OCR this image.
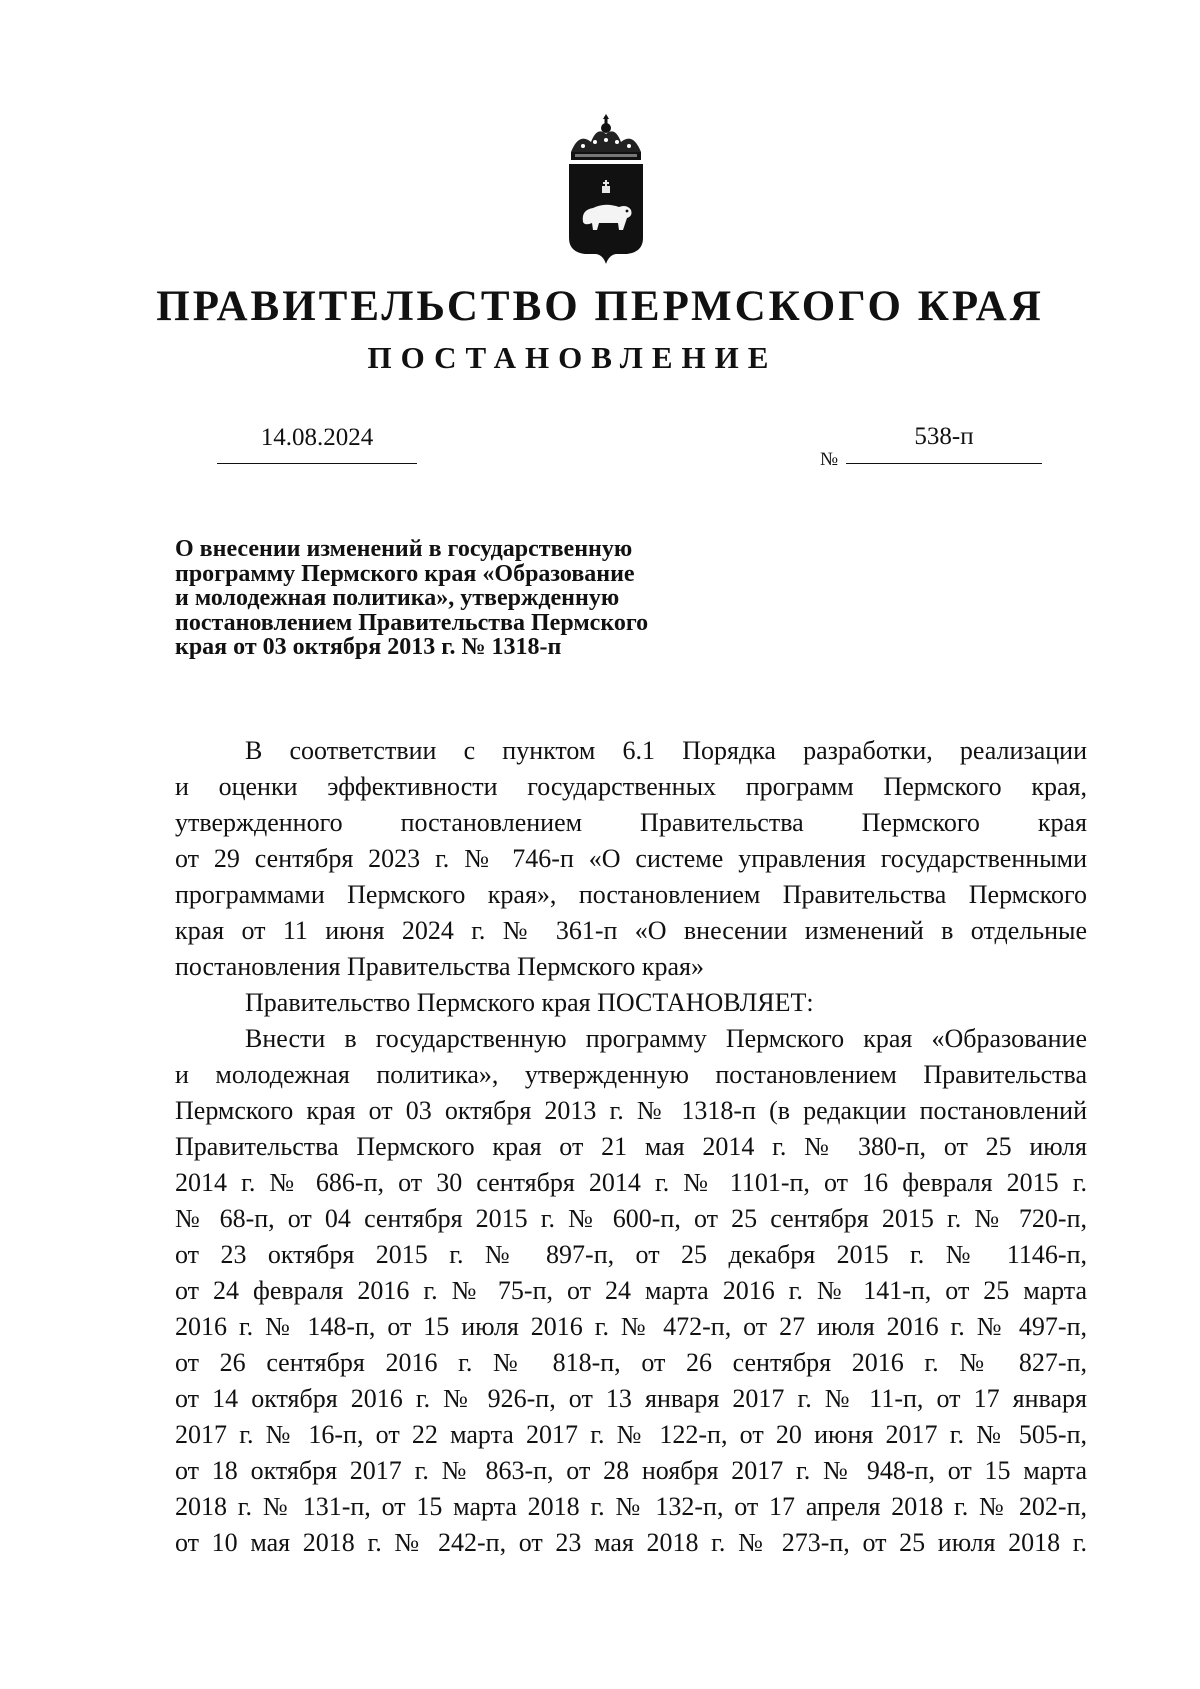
ПРАВИТЕЛЬСТВО ПЕРМСКОГО КРАЯ
ПОСТАНОВЛЕНИЕ
14.08.2024
№
538-п
О внесении изменений в государственную
программу Пермского края «Образование
и молодежная политика», утвержденную
постановлением Правительства Пермского
края от 03 октября 2013 г. № 1318-п
В соответствии с пунктом 6.1 Порядка разработки, реализации
и оценки эффективности государственных программ Пермского края,
утвержденного постановлением Правительства Пермского края
от 29 сентября 2023 г. № 746-п «О системе управления государственными
программами Пермского края», постановлением Правительства Пермского
края от 11 июня 2024 г. № 361-п «О внесении изменений в отдельные
постановления Правительства Пермского края»
Правительство Пермского края ПОСТАНОВЛЯЕТ:
Внести в государственную программу Пермского края «Образование
и молодежная политика», утвержденную постановлением Правительства
Пермского края от 03 октября 2013 г. № 1318-п (в редакции постановлений
Правительства Пермского края от 21 мая 2014 г. № 380-п, от 25 июля
2014 г. № 686-п, от 30 сентября 2014 г. № 1101-п, от 16 февраля 2015 г.
№ 68-п, от 04 сентября 2015 г. № 600-п, от 25 сентября 2015 г. № 720-п,
от 23 октября 2015 г. № 897-п, от 25 декабря 2015 г. № 1146-п,
от 24 февраля 2016 г. № 75-п, от 24 марта 2016 г. № 141-п, от 25 марта
2016 г. № 148-п, от 15 июля 2016 г. № 472-п, от 27 июля 2016 г. № 497-п,
от 26 сентября 2016 г. № 818-п, от 26 сентября 2016 г. № 827-п,
от 14 октября 2016 г. № 926-п, от 13 января 2017 г. № 11-п, от 17 января
2017 г. № 16-п, от 22 марта 2017 г. № 122-п, от 20 июня 2017 г. № 505-п,
от 18 октября 2017 г. № 863-п, от 28 ноября 2017 г. № 948-п, от 15 марта
2018 г. № 131-п, от 15 марта 2018 г. № 132-п, от 17 апреля 2018 г. № 202-п,
от 10 мая 2018 г. № 242-п, от 23 мая 2018 г. № 273-п, от 25 июля 2018 г.
